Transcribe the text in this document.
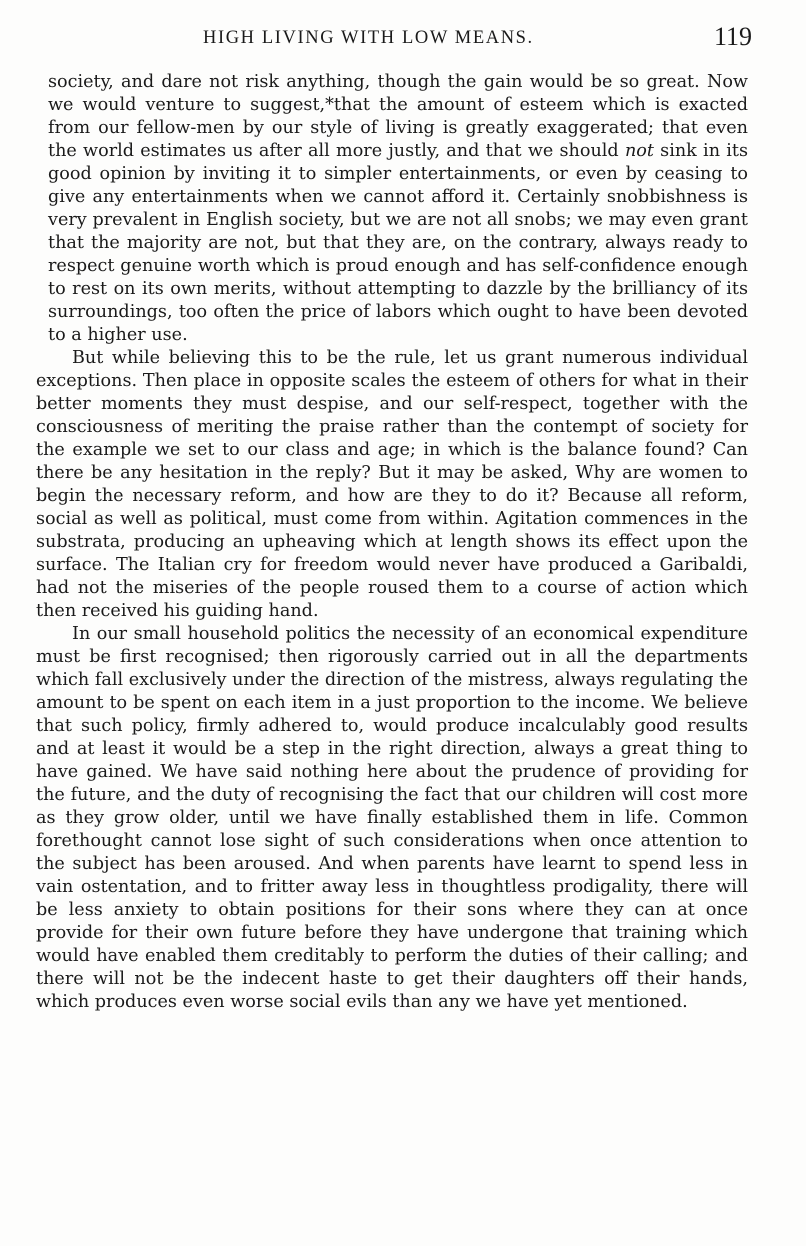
HIGH LIVING WITH LOW MEANS.	119

society, and dare not risk anything, though the gain would be so great. Now we would venture to suggest,*that the amount of esteem which is exacted from our fellow-men by our style of living is greatly exaggerated; that even the world estimates us after all more justly, and that we should not sink in its good opinion by inviting it to simpler entertainments, or even by ceasing to give any entertainments when we cannot afford it. Certainly snobbishness is very prevalent in English society, but we are not all snobs; we may even grant that the majority are not, but that they are, on the contrary, always ready to respect genuine worth which is proud enough and has self-confidence enough to rest on its own merits, without attempting to dazzle by the brilliancy of its surroundings, too often the price of labors which ought to have been devoted to a higher use.

But while believing this to be the rule, let us grant numerous individual exceptions. Then place in opposite scales the esteem of others for what in their better moments they must despise, and our self-respect, together with the consciousness of meriting the praise rather than the contempt of society for the example we set to our class and age; in which is the balance found? Can there be any hesitation in the reply? But it may be asked, Why are women to begin the necessary reform, and how are they to do it? Because all reform, social as well as political, must come from within. Agitation commences in the substrata, producing an upheaving which at length shows its effect upon the surface. The Italian cry for freedom would never have produced a Garibaldi, had not the miseries of the people roused them to a course of action which then received his guiding hand.

In our small household politics the necessity of an economical expenditure must be first recognised; then rigorously carried out in all the departments which fall exclusively under the direction of the mistress, always regulating the amount to be spent on each item in a just proportion to the income. We believe that such policy, firmly adhered to, would produce incalculably good results and at least it would be a step in the right direction, always a great thing to have gained. We have said nothing here about the prudence of providing for the future, and the duty of recognising the fact that our children will cost more as they grow older, until we have finally established them in life. Common forethought cannot lose sight of such considerations when once attention to the subject has been aroused. And when parents have learnt to spend less in vain ostentation, and to fritter away less in thoughtless prodigality, there will be less anxiety to obtain positions for their sons where they can at once provide for their own future before they have undergone that training which would have enabled them creditably to perform the duties of their calling; and there will not be the indecent haste to get their daughters off their hands, which produces even worse social evils than any we have yet mentioned.
